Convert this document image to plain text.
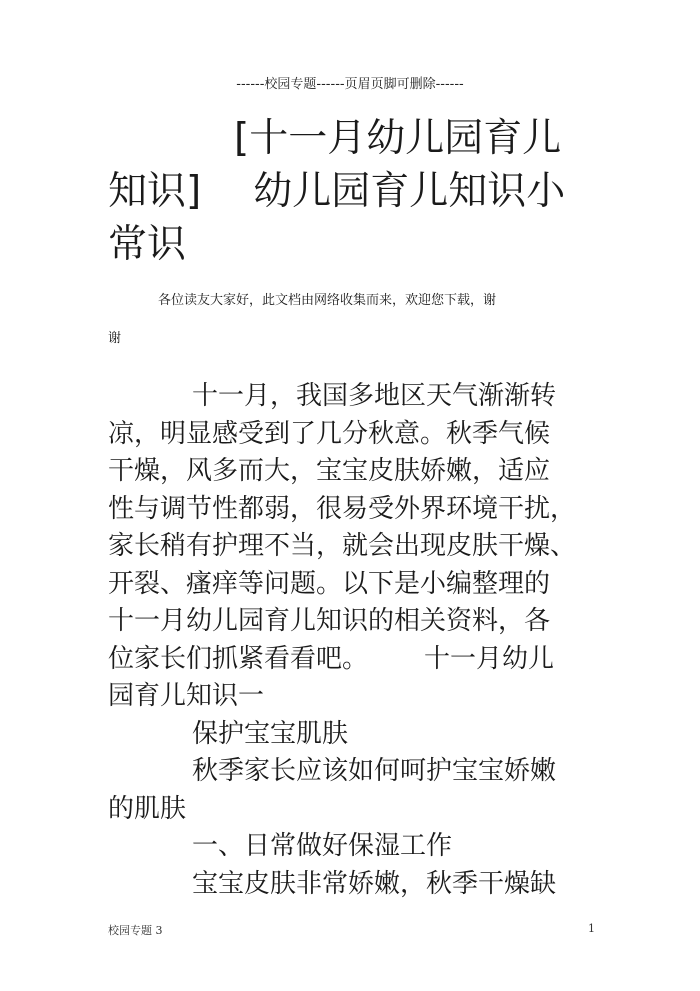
------校园专题------页眉页脚可删除------
[十一月幼儿园育儿
知识] 幼儿园育儿知识小
常识
各位读友大家好，此文档由网络收集而来，欢迎您下载，谢
谢
十一月，我国多地区天气渐渐转
凉，明显感受到了几分秋意。秋季气候
干燥，风多而大，宝宝皮肤娇嫩，适应
性与调节性都弱，很易受外界环境干扰，
家长稍有护理不当，就会出现皮肤干燥、
开裂、瘙痒等问题。以下是小编整理的
十一月幼儿园育儿知识的相关资料，各
位家长们抓紧看看吧。 十一月幼儿
园育儿知识一
保护宝宝肌肤
秋季家长应该如何呵护宝宝娇嫩
的肌肤
一、日常做好保湿工作
宝宝皮肤非常娇嫩，秋季干燥缺
校园专题 3	1
